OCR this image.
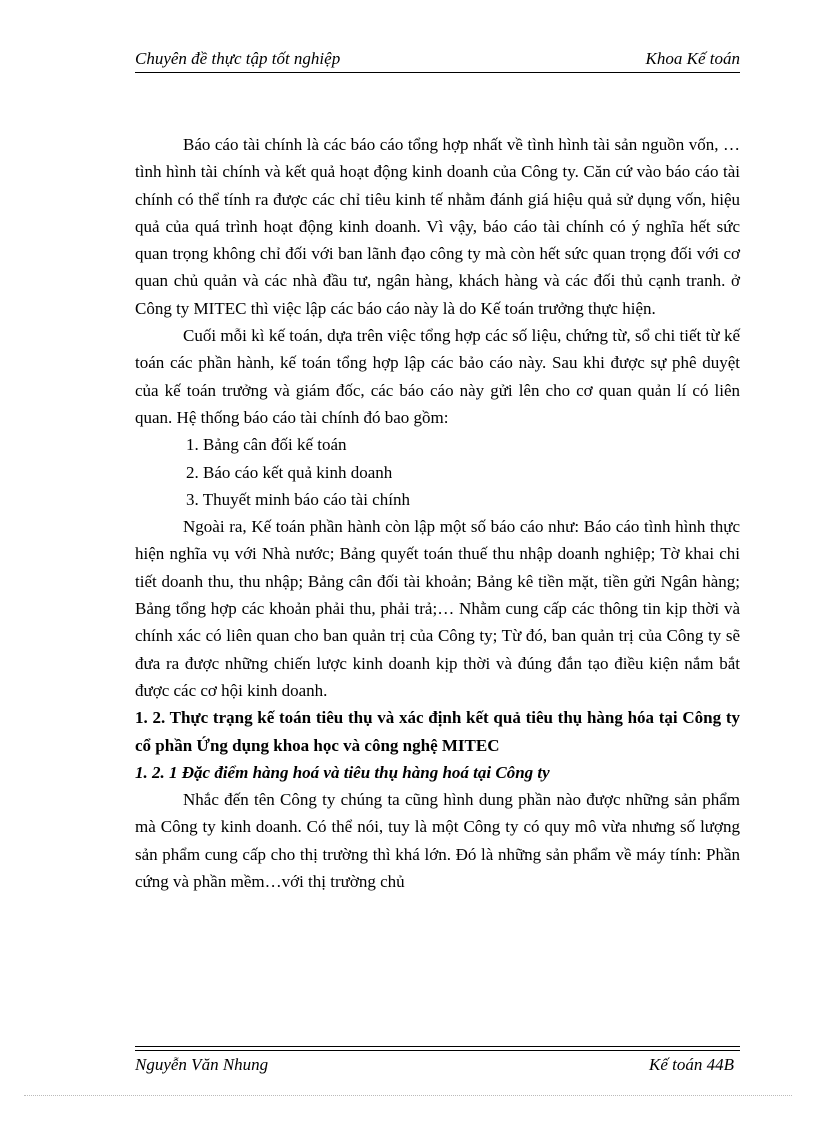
Chuyên đề thực tập tốt nghiệp	Khoa Kế toán

Báo cáo tài chính là các báo cáo tổng hợp nhất về tình hình tài sản nguồn vốn, …tình hình tài chính và kết quả hoạt động kinh doanh của Công ty. Căn cứ vào báo cáo tài chính có thể tính ra được các chỉ tiêu kinh tế nhằm đánh giá hiệu quả sử dụng vốn, hiệu quả của quá trình hoạt động kinh doanh. Vì vậy, báo cáo tài chính có ý nghĩa hết sức quan trọng không chỉ đối với ban lãnh đạo công ty mà còn hết sức quan trọng đối với cơ quan chủ quản và các nhà đầu tư, ngân hàng, khách hàng và các đối thủ cạnh tranh. ở Công ty MITEC thì việc lập các báo cáo này là do Kế toán trưởng thực hiện.

Cuối mỗi kì kế toán, dựa trên việc tổng hợp các số liệu, chứng từ, sổ chi tiết từ kế toán các phần hành, kế toán tổng hợp lập các bảo cáo này. Sau khi được sự phê duyệt của kế toán trưởng và giám đốc, các báo cáo này gửi lên cho cơ quan quản lí có liên quan. Hệ thống báo cáo tài chính đó bao gồm:

1. Bảng cân đối kế toán
2. Báo cáo kết quả kinh doanh
3. Thuyết minh báo cáo tài chính

Ngoài ra, Kế toán phần hành còn lập một số báo cáo như: Báo cáo tình hình thực hiện nghĩa vụ với Nhà nước; Bảng quyết toán thuế thu nhập doanh nghiệp; Tờ khai chi tiết doanh thu, thu nhập; Bảng cân đối tài khoản; Bảng kê tiền mặt, tiền gửi Ngân hàng; Bảng tổng hợp các khoản phải thu, phải trả;… Nhằm cung cấp các thông tin kịp thời và chính xác có liên quan cho ban quản trị của Công ty; Từ đó, ban quản trị của Công ty sẽ đưa ra được những chiến lược kinh doanh kịp thời và đúng đắn tạo điều kiện nắm bắt được các cơ hội kinh doanh.

1. 2. Thực trạng kế toán tiêu thụ và xác định kết quả tiêu thụ hàng hóa tại Công ty cổ phần Ứng dụng khoa học và công nghệ MITEC
1. 2. 1 Đặc điểm hàng hoá và tiêu thụ hàng hoá tại Công ty

Nhắc đến tên Công ty chúng ta cũng hình dung phần nào được những sản phẩm mà Công ty kinh doanh. Có thể nói, tuy là một Công ty có quy mô vừa nhưng số lượng sản phẩm cung cấp cho thị trường thì khá lớn. Đó là những sản phẩm về máy tính: Phần cứng và phần mềm…với thị trường chủ

Nguyễn Văn Nhung	Kế toán 44B
